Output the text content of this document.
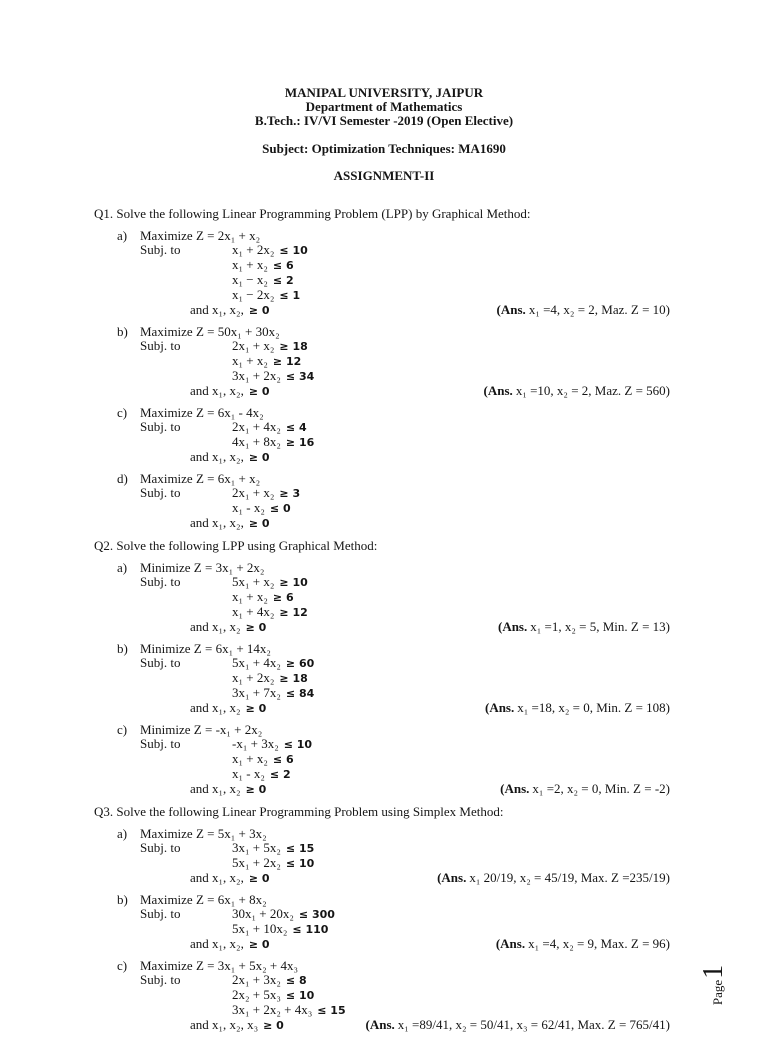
MANIPAL UNIVERSITY, JAIPUR
Department of Mathematics
B.Tech.: IV/VI Semester -2019 (Open Elective)
Subject: Optimization Techniques: MA1690
ASSIGNMENT-II
Q1. Solve the following Linear Programming Problem (LPP) by Graphical Method:
a) Maximize Z = 2x₁ + x₂
Subj. to	x₁ + 2x₂ ≤ 10
x₁ + x₂ ≤ 6
x₁ − x₂ ≤ 2
x₁ − 2x₂ ≤ 1
and x₁, x₂, ≥ 0	(Ans. x₁ =4, x₂ = 2, Maz. Z = 10)
b) Maximize Z = 50x₁ + 30x₂
Subj. to	2x₁ + x₂ ≥ 18
x₁ + x₂ ≥ 12
3x₁ + 2x₂ ≤ 34
and x₁, x₂, ≥ 0	(Ans. x₁ =10, x₂ = 2, Maz. Z = 560)
c) Maximize Z = 6x₁ - 4x₂
Subj. to	2x₁ + 4x₂ ≤ 4
4x₁ + 8x₂ ≥ 16
and x₁, x₂, ≥ 0
d) Maximize Z = 6x₁ + x₂
Subj. to	2x₁ + x₂ ≥ 3
x₁ - x₂ ≤ 0
and x₁, x₂, ≥ 0
Q2. Solve the following LPP using Graphical Method:
a) Minimize Z = 3x₁ + 2x₂
Subj. to	5x₁ + x₂ ≥ 10
x₁ + x₂ ≥ 6
x₁ + 4x₂ ≥ 12
and x₁, x₂ ≥ 0	(Ans. x₁ =1, x₂ = 5, Min. Z = 13)
b) Minimize Z = 6x₁ + 14x₂
Subj. to	5x₁ + 4x₂ ≥ 60
x₁ + 2x₂ ≥ 18
3x₁ + 7x₂ ≤ 84
and x₁, x₂ ≥ 0	(Ans. x₁ =18, x₂ = 0, Min. Z = 108)
c) Minimize Z = -x₁ + 2x₂
Subj. to	-x₁ + 3x₂ ≤ 10
x₁ + x₂ ≤ 6
x₁ - x₂ ≤ 2
and x₁, x₂ ≥ 0	(Ans. x₁ =2, x₂ = 0, Min. Z = -2)
Q3. Solve the following Linear Programming Problem using Simplex Method:
a) Maximize Z = 5x₁ + 3x₂
Subj. to	3x₁ + 5x₂ ≤ 15
5x₁ + 2x₂ ≤ 10
and x₁, x₂, ≥ 0	(Ans. x₁ 20/19, x₂ = 45/19, Max. Z =235/19)
b) Maximize Z = 6x₁ + 8x₂
Subj. to	30x₁ + 20x₂ ≤ 300
5x₁ + 10x₂ ≤ 110
and x₁, x₂, ≥ 0	(Ans. x₁ =4, x₂ = 9, Max. Z = 96)
c) Maximize Z = 3x₁ + 5x₂ + 4x₃
Subj. to	2x₁ + 3x₂ ≤ 8
2x₂ + 5x₃ ≤ 10
3x₁ + 2x₂ + 4x₃ ≤ 15
and x₁, x₂, x₃ ≥ 0	(Ans. x₁ =89/41, x₂ = 50/41, x₃ = 62/41, Max. Z = 765/41)
Page
1
